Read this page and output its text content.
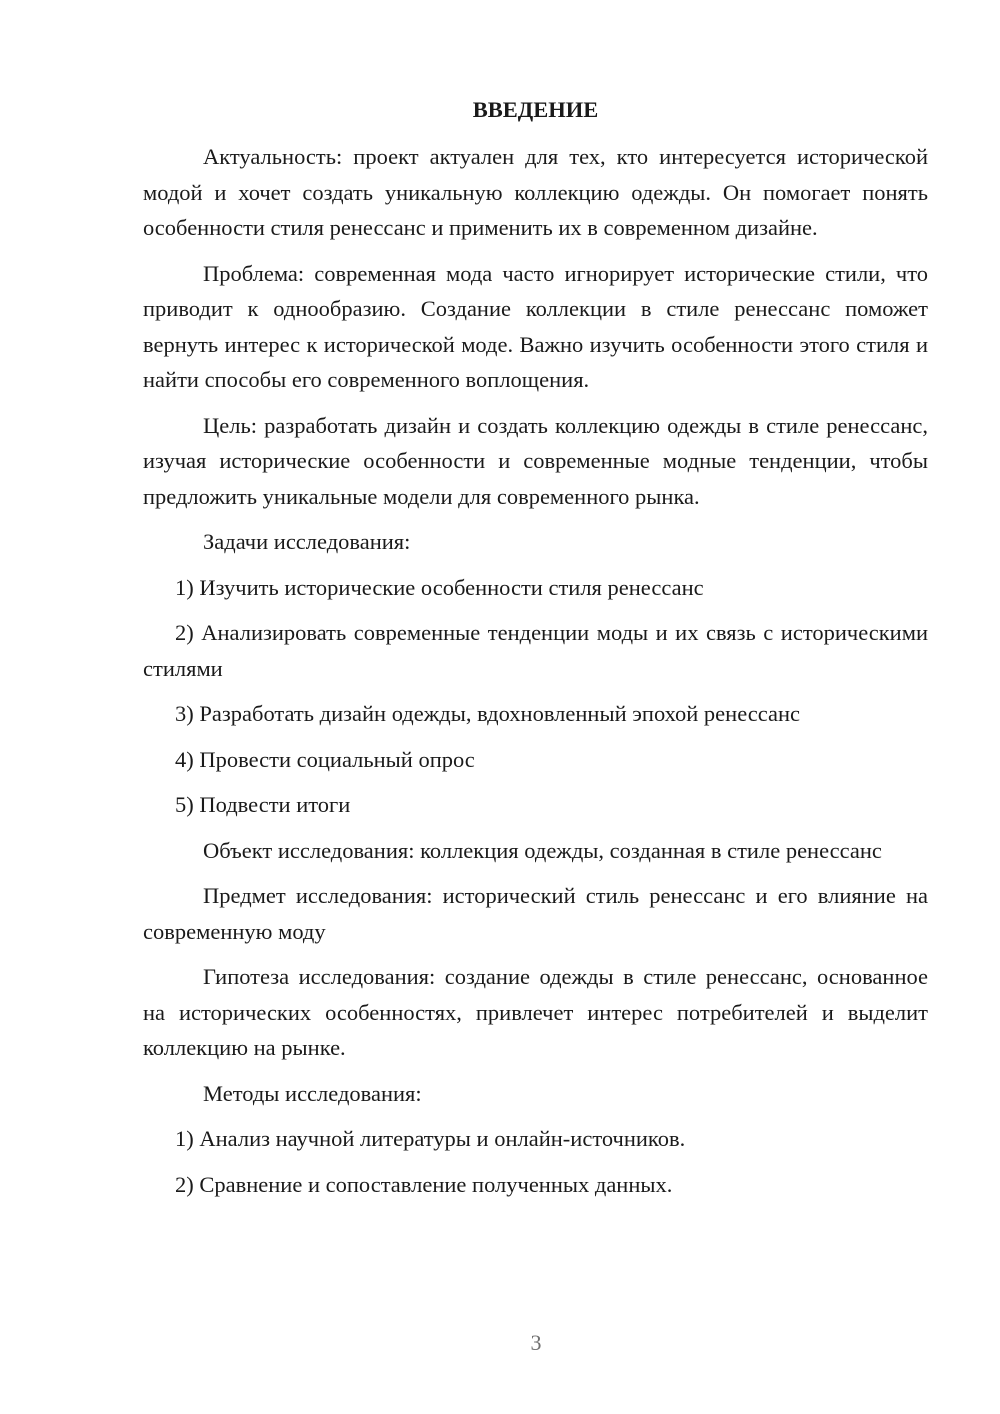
ВВЕДЕНИЕ
Актуальность: проект актуален для тех, кто интересуется исторической модой и хочет создать уникальную коллекцию одежды. Он помогает понять особенности стиля ренессанс и применить их в современном дизайне.
Проблема: современная мода часто игнорирует исторические стили, что приводит к однообразию. Создание коллекции в стиле ренессанс поможет вернуть интерес к исторической моде. Важно изучить особенности этого стиля и найти способы его современного воплощения.
Цель: разработать дизайн и создать коллекцию одежды в стиле ренессанс, изучая исторические особенности и современные модные тенденции, чтобы предложить уникальные модели для современного рынка.
Задачи исследования:
1) Изучить исторические особенности стиля ренессанс
2) Анализировать современные тенденции моды и их связь с историческими стилями
3) Разработать дизайн одежды, вдохновленный эпохой ренессанс
4) Провести социальный опрос
5) Подвести итоги
Объект исследования: коллекция одежды, созданная в стиле ренессанс
Предмет исследования: исторический стиль ренессанс и его влияние на современную моду
Гипотеза исследования: создание одежды в стиле ренессанс, основанное на исторических особенностях, привлечет интерес потребителей и выделит коллекцию на рынке.
Методы исследования:
1) Анализ научной литературы и онлайн-источников.
2) Сравнение и сопоставление полученных данных.
3
